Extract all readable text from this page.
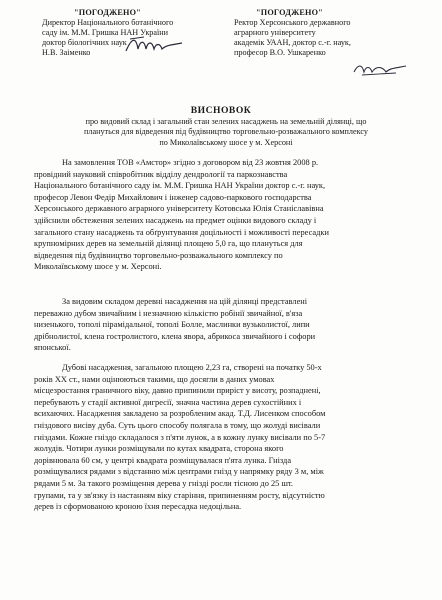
"ПОГОДЖЕНО"
Директор Національного ботанічного
саду ім. М.М. Гришка НАН України
доктор біологічних наук
Н.В. Заіменко
"ПОГОДЖЕНО"
Ректор Херсонського державного
аграрного університету
академік УААН, доктор с.-г. наук,
професор В.О. Ушкаренко
ВИСНОВОК
про видовий склад і загальний стан зелених насаджень на земельній ділянці, що
плануться для відведення під будівництво торговельно-розважального комплексу
по Миколаївському шосе у м. Херсоні
На замовлення ТОВ «Амстор» згідно з договором від 23 жовтня 2008 р.
провідний науковий співробітник відділу дендрології та паркознавства
Національного ботанічного саду ім. М.М. Гришка НАН України доктор с.-г. наук,
професор Левон Федір Михайлович і інженер садово-паркового господарства
Херсонського державного аграрного університету Котовська Юлія Станіславівна
здійснили обстеження зелених насаджень на предмет оцінки видового складу і
загального стану насаджень та обґрунтування доцільності і можливості пересадки
крупномірних дерев на земельній ділянці площею 5,0 га, що плануться для
відведення під будівництво торговельно-розважального комплексу по
Миколаївському шосе у м. Херсоні.
За видовим складом деревні насадження на цій ділянці представлені
переважно дубом звичайним і незначною кількістю робінії звичайної, в'яза
низенького, тополі пірамідальної, тополі Болле, маслинки вузьколистої, липи
дрібнолистої, клена гостролистого, клена явора, абрикоса звичайного і софори
японської.
Дубові насадження, загальною площею 2,23 га, створені на початку 50-х
років XX ст., нами оцінюються такими, що досягли в даних умовах
місцезростання граничного віку, давно припинили приріст у висоту, розпаднені,
перебувають у стадії активної дигресії, значна частина дерев сухостійних і
всихаючих. Насадження закладено за розробленим акад. Т.Д. Лисенком способом
гніздового висіву дуба. Суть цього способу полягала в тому, що жолуді висівали
гніздами. Кожне гніздо складалося з п'яти лунок, а в кожну лунку висівали по 5-7
жолудів. Чотири лунки розміщували по кутах квадрата, сторона якого
дорівнювала 60 см, у центрі квадрата розміщувалася п'ята лунка. Гнізда
розміщувалися рядами з відстанню між центрами гнізд у напрямку ряду 3 м, між
рядами 5 м. За такого розміщення дерева у гнізді росли тісною до 25 шт.
групами, та у зв'язку із настанням віку старіння, припиненням росту, відсутністю
дерев із сформованою кроною їхня пересадка недоцільна.
